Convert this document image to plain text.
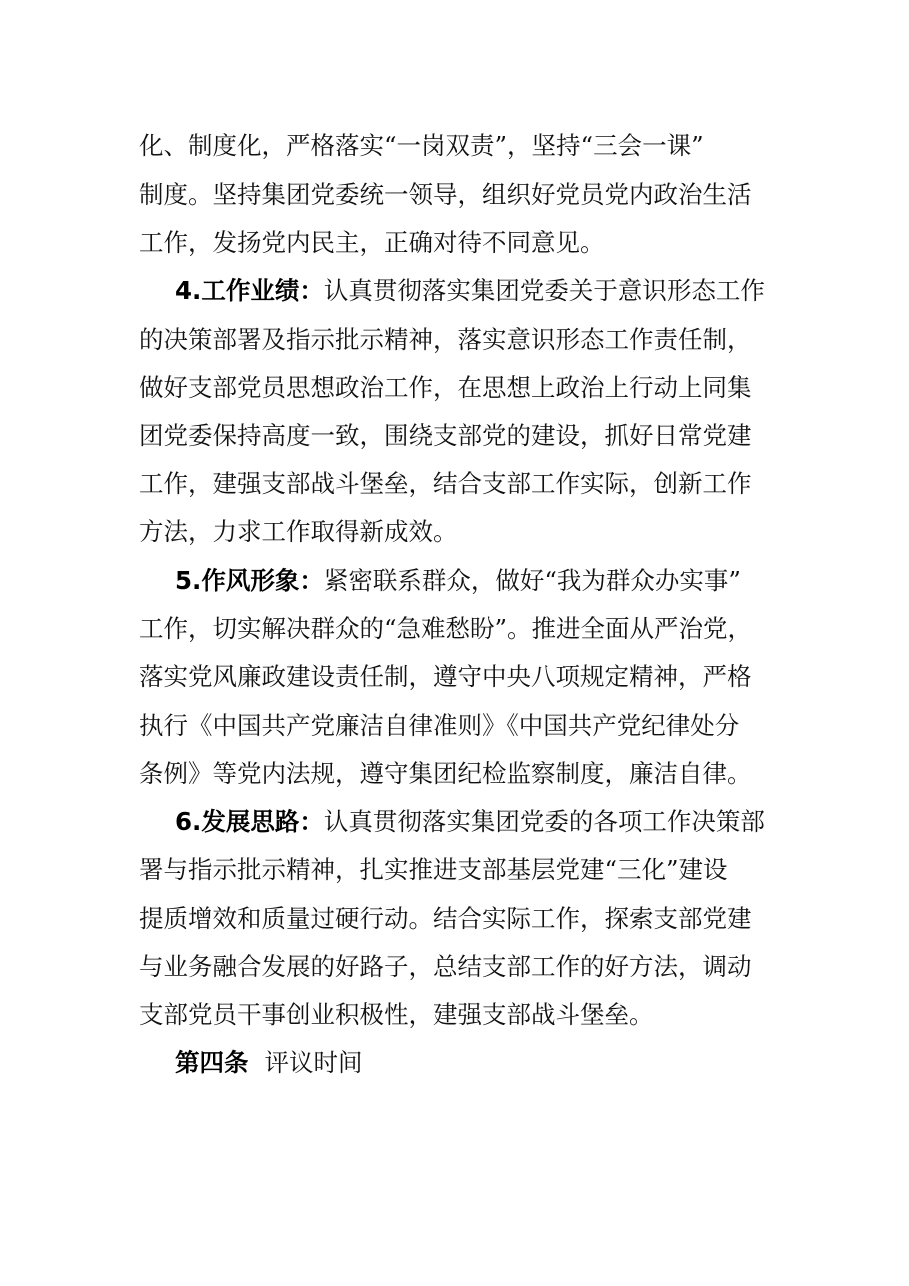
化、制度化，严格落实“一岗双责”，坚持“三会一课”
制度。坚持集团党委统一领导，组织好党员党内政治生活
工作，发扬党内民主，正确对待不同意见。
4.工作业绩：认真贯彻落实集团党委关于意识形态工作
的决策部署及指示批示精神，落实意识形态工作责任制，
做好支部党员思想政治工作，在思想上政治上行动上同集
团党委保持高度一致，围绕支部党的建设，抓好日常党建
工作，建强支部战斗堡垒，结合支部工作实际，创新工作
方法，力求工作取得新成效。
5.作风形象：紧密联系群众，做好“我为群众办实事”
工作，切实解决群众的“急难愁盼”。推进全面从严治党，
落实党风廉政建设责任制，遵守中央八项规定精神，严格
执行《中国共产党廉洁自律准则》《中国共产党纪律处分
条例》等党内法规，遵守集团纪检监察制度，廉洁自律。
6.发展思路：认真贯彻落实集团党委的各项工作决策部
署与指示批示精神，扎实推进支部基层党建“三化”建设
提质增效和质量过硬行动。结合实际工作，探索支部党建
与业务融合发展的好路子，总结支部工作的好方法，调动
支部党员干事创业积极性，建强支部战斗堡垒。
第四条 评议时间
